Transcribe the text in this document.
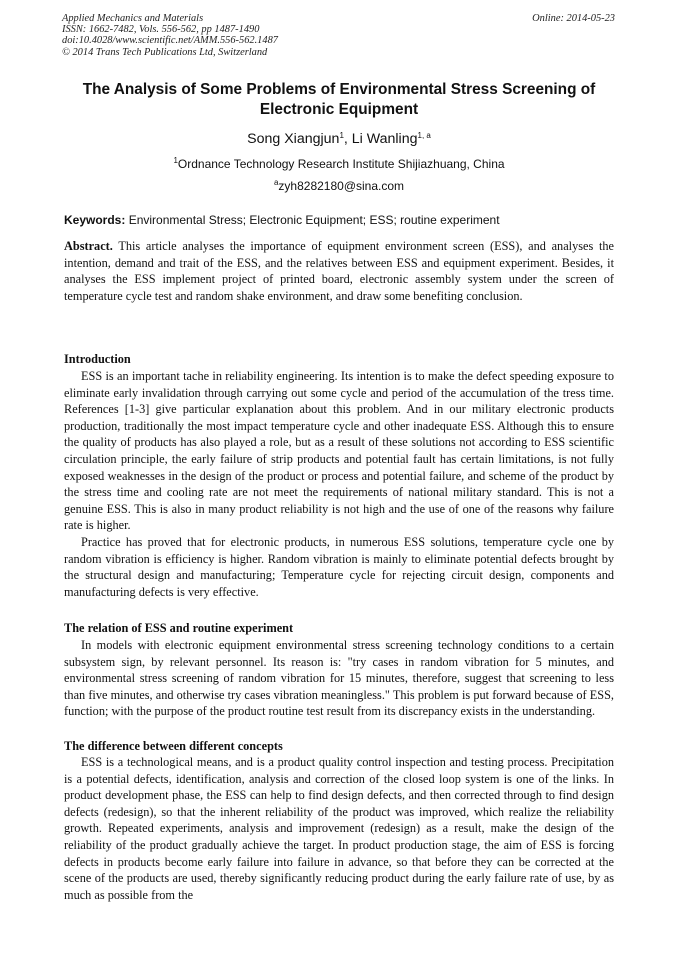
Applied Mechanics and Materials
ISSN: 1662-7482, Vols. 556-562, pp 1487-1490
doi:10.4028/www.scientific.net/AMM.556-562.1487
© 2014 Trans Tech Publications Ltd, Switzerland
Online: 2014-05-23
The Analysis of Some Problems of Environmental Stress Screening of Electronic Equipment
Song Xiangjun$^1$, Li Wanling$^{1, a}$
$^1$Ordnance Technology Research Institute Shijiazhuang, China
$^a$zyh8282180@sina.com
Keywords: Environmental Stress; Electronic Equipment; ESS; routine experiment

Abstract. This article analyses the importance of equipment environment screen (ESS), and analyses the intention, demand and trait of the ESS, and the relatives between ESS and equipment experiment. Besides, it analyses the ESS implement project of printed board, electronic assembly system under the screen of temperature cycle test and random shake environment, and draw some benefiting conclusion.

Introduction

ESS is an important tache in reliability engineering. Its intention is to make the defect speeding exposure to eliminate early invalidation through carrying out some cycle and period of the accumulation of the tress time. References [1-3] give particular explanation about this problem. And in our military electronic products production, traditionally the most impact temperature cycle and other inadequate ESS. Although this to ensure the quality of products has also played a role, but as a result of these solutions not according to ESS scientific circulation principle, the early failure of strip products and potential fault has certain limitations, is not fully exposed weaknesses in the design of the product or process and potential failure, and scheme of the product by the stress time and cooling rate are not meet the requirements of national military standard. This is not a genuine ESS. This is also in many product reliability is not high and the use of one of the reasons why failure rate is higher.

Practice has proved that for electronic products, in numerous ESS solutions, temperature cycle one by random vibration is efficiency is higher. Random vibration is mainly to eliminate potential defects brought by the structural design and manufacturing; Temperature cycle for rejecting circuit design, components and manufacturing defects is very effective.

The relation of ESS and routine experiment

In models with electronic equipment environmental stress screening technology conditions to a certain subsystem sign, by relevant personnel. Its reason is: "try cases in random vibration for 5 minutes, and environmental stress screening of random vibration for 15 minutes, therefore, suggest that screening to less than five minutes, and otherwise try cases vibration meaningless." This problem is put forward because of ESS, function; with the purpose of the product routine test result from its discrepancy exists in the understanding.

The difference between different concepts

ESS is a technological means, and is a product quality control inspection and testing process. Precipitation is a potential defects, identification, analysis and correction of the closed loop system is one of the links. In product development phase, the ESS can help to find design defects, and then corrected through to find design defects (redesign), so that the inherent reliability of the product was improved, which realize the reliability growth. Repeated experiments, analysis and improvement (redesign) as a result, make the design of the reliability of the product gradually achieve the target. In product production stage, the aim of ESS is forcing defects in products become early failure into failure in advance, so that before they can be corrected at the scene of the products are used, thereby significantly reducing product during the early failure rate of use, by as much as possible from the
